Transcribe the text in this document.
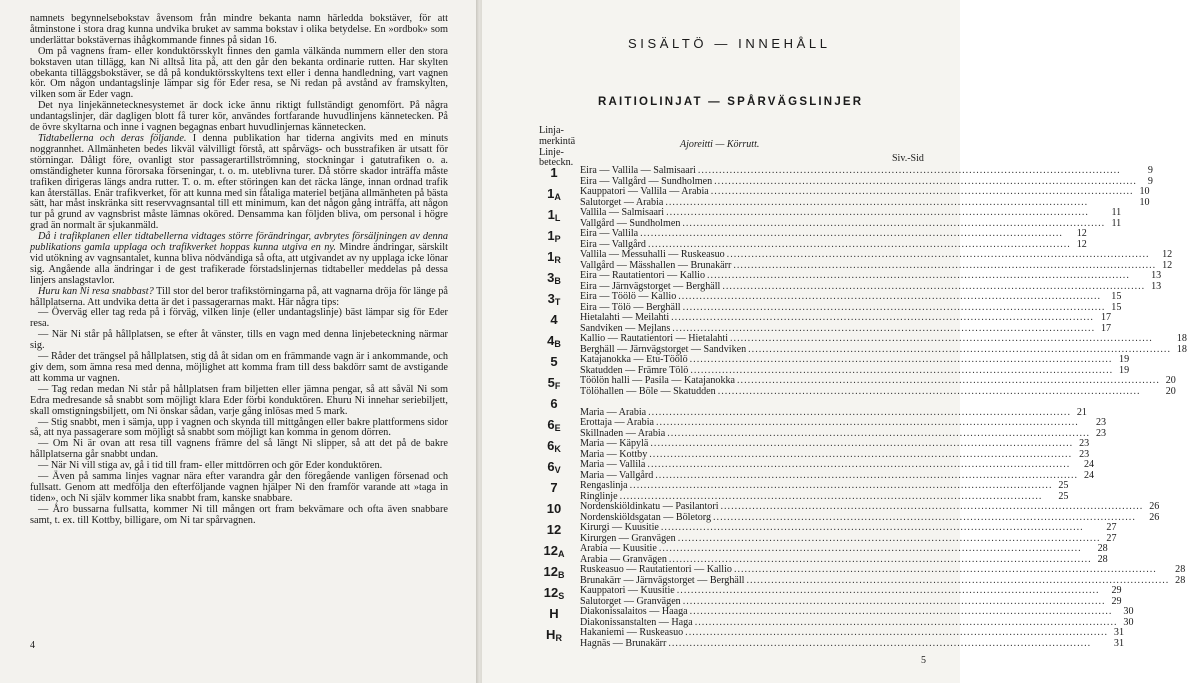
namnets begynnelsebokstav åvensom från mindre bekanta namn härledda bokstäver, för att åtminstone i stora drag kunna undvika bruket av samma bokstav i olika betydelse. En »ordbok» som underlättar bokstävernas ihågkommande finnes på sidan 16.

Om på vagnens fram- eller konduktörsskylt finnes den gamla välkända nummern eller den stora bokstaven utan tillägg, kan Ni alltså lita på, att den går den bekanta ordinarie rutten. Har skylten obekanta tilläggsbokstäver, se då på konduktörsskyltens text eller i denna handledning, vart vagnen kör. Om någon undantagslinje lämpar sig för Eder resa, se Ni redan på avstånd av framskylten, vilken som är Eder vagn.

Det nya linjekännetecknesystemet är dock icke ännu riktigt fullständigt genomfört. På några undantagslinjer, där dagligen blott få turer kör, användes fortfarande huvudlinjens kännetecken. På de övre skyltarna och inne i vagnen begagnas enbart huvudlinjernas kännetecken.

Tidtabellerna och deras följande. I denna publikation har tiderna angivits med en minuts noggrannhet. Allmänheten bedes likväl välvilligt förstå, att spårvägs- och busstrafiken är utsatt för störningar. Dåligt före, ovanligt stor passagerartillströmning, stockningar i gatutrafiken o. a. omständigheter kunna förorsaka förseningar, t. o. m. uteblivna turer. Då större skador inträffa måste trafiken dirigeras längs andra rutter. T. o. m. efter störingen kan det räcka länge, innan ordnad trafik kan återställas. Enär trafikverket, för att kunna med sin fåtaliga materiel betjäna allmänheten på bästa sätt, har måst inskränka sitt reservvagnsantal till ett minimum, kan det någon gång inträffa, att någon tur på grund av vagnsbrist måste lämnas oköred. Densamma kan följden bliva, om personal i högre grad än normalt är sjukanmäld.

Då i trafikplanen eller tidtabellerna vidtages större förändringar, avbrytes försäljningen av denna publikations gamla upplaga och trafikverket hoppas kunna utgiva en ny. Mindre ändringar, särskilt vid utökning av vagnsantalet, kunna bliva nödvändiga så ofta, att utgivandet av ny upplaga icke lönar sig. Angående alla ändringar i de gest trafikerade förstadslinjernas tidtabeller meddelas på dessa linjers anslagstavlor.

Huru kan Ni resa snabbast? Till stor del beror trafikstörningarna på, att vagnarna dröja för länge på hållplatserna. Att undvika detta är det i passagerarnas makt. Här några tips:

— Överväg eller tag reda på i förväg, vilken linje (eller undantagslinje) bäst lämpar sig för Eder resa.

— När Ni står på hållplatsen, se efter åt vänster, tills en vagn med denna linjebeteckning närmar sig.

— Råder det trängsel på hållplatsen, stig då åt sidan om en främmande vagn är i ankommande, och giv dem, som ämna resa med denna, möjlighet att komma fram till dess bakdörr samt de avstigande att komma ur vagnen.

— Tag redan medan Ni står på hållplatsen fram biljetten eller jämna pengar, så att såväl Ni som Edra medresande så snabbt som möjligt klara Eder förbi konduktören. Ehuru Ni innehar seriebiljett, skall omstigningsbiljett, om Ni önskar sådan, varje gång inlösas med 5 mark.

— Stig snabbt, men i sämja, upp i vagnen och skynda till mittgången eller bakre plattformens sidor så, att nya passagerare som möjligt så snabbt som möjligt kan komma in genom dörren.

— Om Ni är ovan att resa till vagnens främre del så längt Ni slipper, så att det på de bakre hållplatserna går snabbt undan.

— När Ni vill stiga av, gå i tid till fram- eller mittdörren och gör Eder konduktören.

— Även på samma linjes vagnar nära efter varandra går den föregående vanligen försenad och fullsatt. Genom att medfölja den efterföljande vagnen hjälper Ni den framför varande att »taga in tiden», och Ni själv kommer lika snabbt fram, kanske snabbare.

— Åro bussarna fullsatta, kommer Ni till mången ort fram bekvämare och ofta även snabbare samt, t. ex. till Kottby, billigare, om Ni tar spårvagnen.

4
SISÄLTÖ — INNEHÅLL
RAITIOLINJAT — SPÅRVÄGSLINJER
Linja-
merkintä
Linje-
beteckn.
Ajoreitti — Körrutt.
Siv.-Sid
1	Eira — Vallila — Salmisaari .....	9
Eira — Vallgård — Sundholmen .....	9
$1_A$	Kauppatori — Vallila — Arabia .....	10
Salutorget — Arabia .....	10
$1_L$	Vallila — Salmisaari .....	11
Vallgård — Sundholmen .....	11
$1_P$	Eira — Vallila .....	12
Eira — Vallgård .....	12
$1_R$	Vallila — Messuhalli — Ruskeasuo .....	12
Vallgård — Mässhallen — Brunakärr .....	12
$3_B$	Eira — Rautatientori — Kallio .....	13
Eira — Järnvägstorget — Berghäll .....	13
$3_T$	Eira — Töölö — Kallio .....	15
Eira — Tölö — Berghäll .....	15
4	Hietalahti — Meilahti .....	17
Sandviken — Mejlans .....	17
$4_B$	Kallio — Rautatientori — Hietalahti .....	18
Berghäll — Järnvägstorget — Sandviken .....	18
5	Katajanokka — Etu-Töölö .....	19
Skatudden — Främre Tölö .....	19
$5_F$	Töölön halli — Pasila — Katajanokka .....	20
Tölöhallen — Böle — Skatudden .....	20
6
Maria — Arabia .....	21
$6_E$	Erottaja — Arabia .....	23
Skillnaden — Arabia .....	23
$6_K$	Maria — Käpylä .....	23
Maria — Kottby .....	23
$6_V$	Maria — Vallila .....	24
Maria — Vallgård .....	24
7	Rengaslinja .....	25
Ringlinje .....	25
10	Nordenskiöldinkatu — Pasilantori .....	26
Nordenskiöldsgatan — Böletorg .....	26
12	Kirurgi — Kuusitie .....	27
Kirurgen — Granvägen .....	27
$12_A$	Arabia — Kuusitie .....	28
Arabia — Granvägen .....	28
$12_B$	Ruskeasuo — Rautatientori — Kallio .....	28
Brunakärr — Järnvägstorget — Berghäll .....	28
$12_S$	Kauppatori — Kuusitie .....	29
Salutorget — Granvägen .....	29
H	Diakonissalaitos — Haaga .....	30
Diakonissanstalten — Haga .....	30
$H_R$	Hakaniemi — Ruskeasuo .....	31
Hagnäs — Brunakärr .....	31
5
